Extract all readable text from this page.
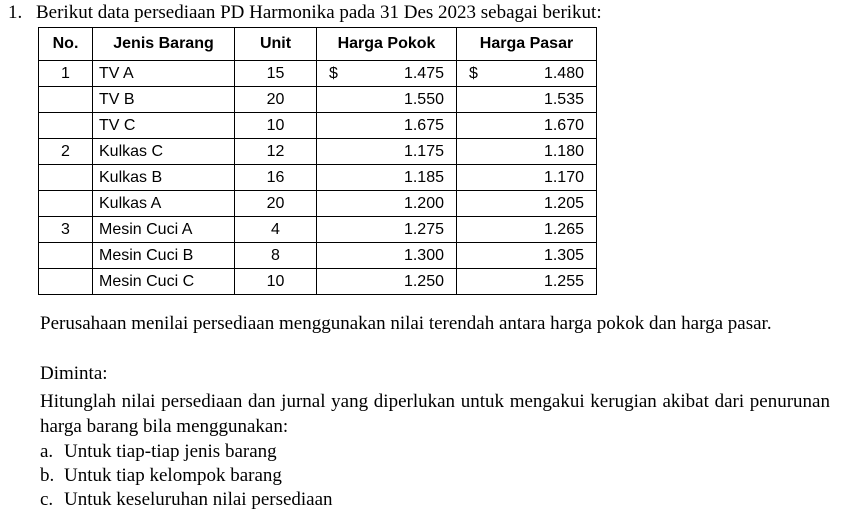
1. Berikut data persediaan PD Harmonika pada 31 Des 2023 sebagai berikut:
No.	Jenis Barang	Unit	Harga Pokok	Harga Pasar
1	TV A	15	$ 1.475	$ 1.480

	TV B	20	1.550	1.535

	TV C	10	1.675	1.670

2	Kulkas C	12	1.175	1.180

	Kulkas B	16	1.185	1.170

	Kulkas A	20	1.200	1.205

3	Mesin Cuci A	4	1.275	1.265

	Mesin Cuci B	8	1.300	1.305

	Mesin Cuci C	10	1.250	1.255
Perusahaan menilai persediaan menggunakan nilai terendah antara harga pokok dan harga pasar.
Diminta:
Hitunglah nilai persediaan dan jurnal yang diperlukan untuk mengakui kerugian akibat dari penurunan harga barang bila menggunakan:
a. Untuk tiap-tiap jenis barang
b. Untuk tiap kelompok barang
c. Untuk keseluruhan nilai persediaan
